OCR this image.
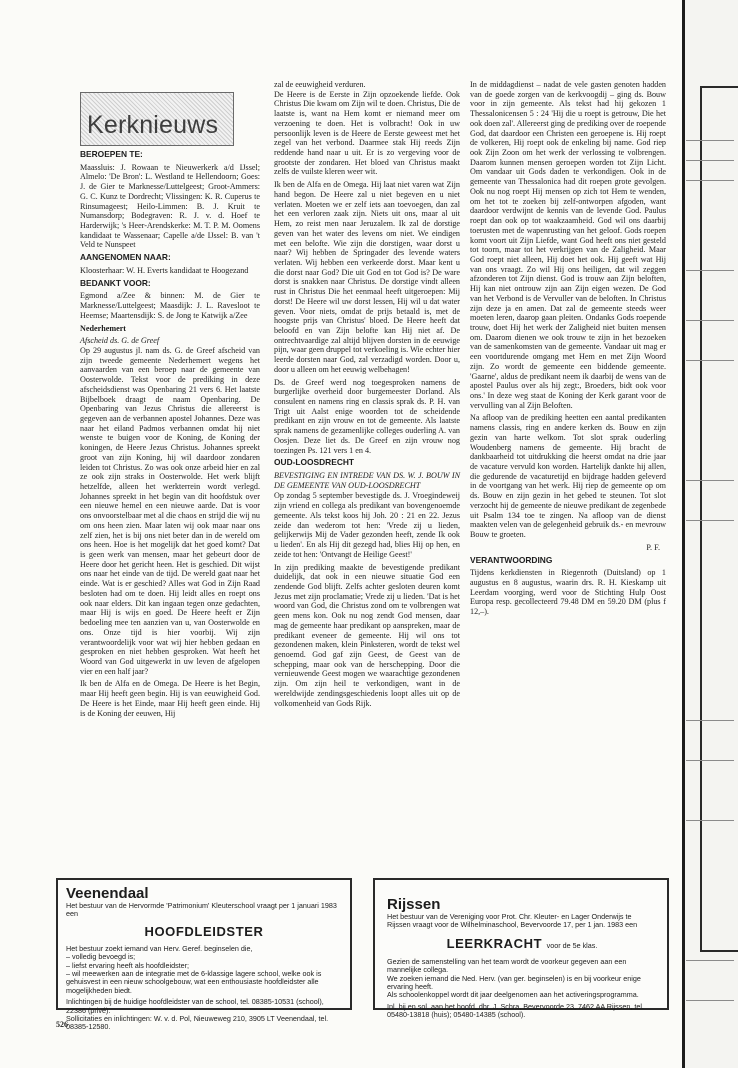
Kerknieuws

BEROEPEN TE:

Maassluis: J. Rowaan te Nieuwerkerk a/d IJssel; Almelo: 'De Bron': L. Westland te Hellendoorn; Goes: J. de Gier te Marknesse/Luttelgeest; Groot-Ammers: G. C. Kunz te Dordrecht; Vlissingen: K. R. Cuperus te Rinsumageest; Heilo-Limmen: B. J. Kruit te Numansdorp; Bodegraven: R. J. v. d. Hoef te Harderwijk; 's Heer-Arendskerke: M. T. P. M. Oomens kandidaat te Wassenaar; Capelle a/de IJssel: B. van 't Veld te Nunspeet

AANGENOMEN NAAR:

Kloosterhaar: W. H. Everts kandidaat te Hoogezand

BEDANKT VOOR:

Egmond a/Zee & binnen: M. de Gier te Marknesse/Luttelgeest; Maasdijk: J. L. Ravesloot te Heemse; Maartensdijk: S. de Jong te Katwijk a/Zee

Nederhemert

Afscheid ds. G. de Greef

Op 29 augustus jl. nam ds. G. de Greef afscheid van zijn tweede gemeente Nederhemert wegens het aanvaarden van een beroep naar de gemeente van Oosterwolde. Tekst voor de prediking in deze afscheidsdienst was Openbaring 21 vers 6. Het laatste Bijbelboek draagt de naam Openbaring. De Openbaring van Jezus Christus die allereerst is gegeven aan de verbannen apostel Johannes. Deze was naar het eiland Padmos verbannen omdat hij niet wenste te buigen voor de Koning, de Koning der koningen, de Heere Jezus Christus. Johannes spreekt groot van zijn Koning, hij wil daardoor zondaren leiden tot Christus. Zo was ook onze arbeid hier en zal ze ook zijn straks in Oosterwolde. Het werk blijft hetzelfde, alleen het werkterrein wordt verlegd. Johannes spreekt in het begin van dit hoofdstuk over een nieuwe hemel en een nieuwe aarde. Dat is voor ons onvoorstelbaar met al die chaos en strijd die wij nu om ons heen zien. Maar laten wij ook maar naar ons zelf zien, het is bij ons niet beter dan in de wereld om ons heen. Hoe is het mogelijk dat het goed komt? Dat is geen werk van mensen, maar het gebeurt door de Heere door het gericht heen. Het is geschied. Dit wijst ons naar het einde van de tijd. De wereld gaat naar het einde. Wat is er geschied? Alles wat God in Zijn Raad besloten had om te doen. Hij leidt alles en roept ons ook naar elders. Dit kan ingaan tegen onze gedachten, maar Hij is wijs en goed. De Heere heeft er Zijn bedoeling mee ten aanzien van u, van Oosterwolde en ons. Onze tijd is hier voorbij. Wij zijn verantwoordelijk voor wat wij hier hebben gedaan en gesproken en niet hebben gesproken. Wat heeft het Woord van God uitgewerkt in uw leven de afgelopen vier en een half jaar?

Ik ben de Alfa en de Omega. De Heere is het Begin, maar Hij heeft geen begin. Hij is van eeuwigheid God. De Heere is het Einde, maar Hij heeft geen einde. Hij is de Koning der eeuwen, Hij

zal de eeuwigheid verduren.

De Heere is de Eerste in Zijn opzoekende liefde. Ook Christus Die kwam om Zijn wil te doen. Christus, Die de laatste is, want na Hem komt er niemand meer om verzoening te doen. Het is volbracht! Ook in uw persoonlijk leven is de Heere de Eerste geweest met het zegel van het verbond. Daarmee stak Hij reeds Zijn reddende hand naar u uit. Er is zo vergeving voor de grootste der zondaren. Het bloed van Christus maakt zelfs de vuilste kleren weer wit.

Ik ben de Alfa en de Omega. Hij laat niet varen wat Zijn hand begon. De Heere zal u niet begeven en u niet verlaten. Moeten we er zelf iets aan toevoegen, dan zal het een verloren zaak zijn. Niets uit ons, maar al uit Hem, zo reist men naar Jeruzalem. Ik zal de dorstige geven van het water des levens om niet. We eindigen met een belofte. Wie zijn die dorstigen, waar dorst u naar? Wij hebben de Springader des levende waters verlaten. Wij hebben een verkeerde dorst. Maar kent u die dorst naar God? Die uit God en tot God is? De ware dorst is snakken naar Christus. De dorstige vindt alleen rust in Christus Die het eenmaal heeft uitgeroepen: Mij dorst! De Heere wil uw dorst lessen, Hij wil u dat water geven. Voor niets, omdat de prijs betaald is, met de hoogste prijs van Christus' bloed. De Heere heeft dat beloofd en van Zijn belofte kan Hij niet af. De ontrechtvaardige zal altijd blijven dorsten in de eeuwige pijn, waar geen druppel tot verkoeling is. Wie echter hier leerde dorsten naar God, zal verzadigd worden. Door u, door u alleen om het eeuwig welbehagen!

Ds. de Greef werd nog toegesproken namens de burgerlijke overheid door burgemeester Dorland. Als consulent en namens ring en classis sprak ds. P. H. van Trigt uit Aalst enige woorden tot de scheidende predikant en zijn vrouw en tot de gemeente. Als laatste sprak namens de gezamenlijke colleges ouderling A. van Oosjen. Deze liet ds. De Greef en zijn vrouw nog toezingen Ps. 121 vers 1 en 4.

OUD-LOOSDRECHT

BEVESTIGING EN INTREDE VAN DS. W. J. BOUW IN DE GEMEENTE VAN OUD-LOOSDRECHT

Op zondag 5 september bevestigde ds. J. Vroegindeweij zijn vriend en collega als predikant van bovengenoemde gemeente. Als tekst koos hij Joh. 20 : 21 en 22. Jezus zeide dan wederom tot hen: 'Vrede zij u lieden, gelijkerwijs Mij de Vader gezonden heeft, zende Ik ook u lieden'. En als Hij dit gezegd had, blies Hij op hen, en zeide tot hen: 'Ontvangt de Heilige Geest!'

In zijn prediking maakte de bevestigende predikant duidelijk, dat ook in een nieuwe situatie God een zendende God blijft. Zelfs achter gesloten deuren komt Jezus met zijn proclamatie; Vrede zij u lieden. 'Dat is het woord van God, die Christus zond om te volbrengen wat geen mens kon. Ook nu nog zendt God mensen, daar mag de gemeente haar predikant op aanspreken, maar de predikant eveneer de gemeente. Hij wil ons tot gezondenen maken, klein Pinksteren, wordt de tekst wel genoemd. God gaf zijn Geest, de Geest van de schepping, maar ook van de herschepping. Door die vernieuwende Geest mogen we waarachtige gezondenen zijn. Om zijn heil te verkondigen, want in de wereldwijde zendingsgeschiedenis loopt alles uit op de volkomenheid van Gods Rijk.

In de middagdienst – nadat de vele gasten genoten hadden van de goede zorgen van de kerkvoogdij – ging ds. Bouw voor in zijn gemeente. Als tekst had hij gekozen 1 Thessalonicensen 5 : 24 'Hij die u roept is getrouw, Die het ook doen zal'. Allereerst ging de prediking over de roepende God, dat daardoor een Christen een geroepene is. Hij roept de volkeren, Hij roept ook de enkeling bij name. God riep ook Zijn Zoon om het werk der verlossing te volbrengen. Daarom kunnen mensen geroepen worden tot Zijn Licht. Om vandaar uit Gods daden te verkondigen. Ook in de gemeente van Thessalonica had dit roepen grote gevolgen. Ook nu nog roept Hij mensen op zich tot Hem te wenden, om het tot te zoeken bij zelf-ontworpen afgoden, want daardoor verdwijnt de kennis van de levende God. Paulus roept dan ook op tot waakzaamheid. God wil ons daarbij toerusten met de wapenrusting van het geloof. Gods roepen komt voort uit Zijn Liefde, want God heeft ons niet gesteld tot toorn, maar tot het verkrijgen van de Zaligheid. Maar God roept niet alleen, Hij doet het ook. Hij geeft wat Hij van ons vraagt. Zo wil Hij ons heiligen, dat wil zeggen afzonderen tot Zijn dienst. God is trouw aan Zijn beloften, Hij kan niet ontrouw zijn aan Zijn eigen wezen. De God van het Verbond is de Vervuller van de beloften. In Christus zijn deze ja en amen. Dat zal de gemeente steeds weer moeten leren, daarop gaan pleiten. Ondanks Gods roepende trouw, doet Hij het werk der Zaligheid niet buiten mensen om. Daarom dienen we ook trouw te zijn in het bezoeken van de samenkomsten van de gemeente. Vandaar uit mag er een voortdurende omgang met Hem en met Zijn Woord zijn. Zo wordt de gemeente een biddende gemeente. 'Gaarne', aldus de predikant neem ik daarbij de wens van de apostel Paulus over als hij zegt:, Broeders, bidt ook voor ons.' In deze weg staat de Koning der Kerk garant voor de vervulling van al Zijn Beloften.

Na afloop van de prediking heetten een aantal predikanten namens classis, ring en andere kerken ds. Bouw en zijn gezin van harte welkom. Tot slot sprak ouderling Woudenberg namens de gemeente. Hij bracht de dankbaarheid tot uitdrukking die heerst omdat na drie jaar de vacature vervuld kon worden. Hartelijk dankte hij allen, die gedurende de vacaturetijd en bijdrage hadden geleverd in de voortgang van het werk. Hij riep de gemeente op om ds. Bouw en zijn gezin in het gebed te steunen. Tot slot verzocht hij de gemeente de nieuwe predikant de zegenbede uit Psalm 134 toe te zingen. Na afloop van de dienst maakten velen van de gelegenheid gebruik ds.- en mevrouw Bouw te groeten.

P. F.

VERANTWOORDING

Tijdens kerkdiensten in Riegenroth (Duitsland) op 1 augustus en 8 augustus, waarin drs. R. H. Kieskamp uit Leerdam voorging, werd voor de Stichting Hulp Oost Europa resp. gecollecteerd 79.48 DM en 59.20 DM (plus f 12,–).

Veenendaal

Het bestuur van de Hervormde 'Patrimonium' Kleuterschool vraagt per 1 januari 1983 een

HOOFDLEIDSTER

Het bestuur zoekt iemand van Herv. Geref. beginselen die,

– volledig bevoegd is;

– liefst ervaring heeft als hoofdleidster;

– wil meewerken aan de integratie met de 6-klassige lagere school, welke ook is gehuisvest in een nieuw schoolgebouw, wat een enthousiaste hoofdleidster alle mogelijkheden biedt.

Inlichtingen bij de huidige hoofdleidster van de school, tel. 08385-10531 (school), 22386 (privé).

Sollicitaties en inlichtingen: W. v. d. Pol, Nieuweweg 210, 3905 LT Veenendaal, tel. 08385-12580.

Rijssen

Het bestuur van de Vereniging voor Prot. Chr. Kleuter- en Lager Onderwijs te Rijssen vraagt voor de Wilhelminaschool, Bevervoorde 17, per 1 jan. 1983 een

LEERKRACHT voor de 5e klas.

Gezien de samenstelling van het team wordt de voorkeur gegeven aan een mannelijke collega.

We zoeken iemand die Ned. Herv. (van ger. beginselen) is en bij voorkeur enige ervaring heeft.

Als schoolenkoppel wordt dit jaar deelgenomen aan het activeringsprogramma.

Inl. bij en sol. aan het hoofd, dhr. J. Schra, Bevervoorde 23, 7462 AA Rijssen, tel. 05480-13818 (huis); 05480-14385 (school).

526
